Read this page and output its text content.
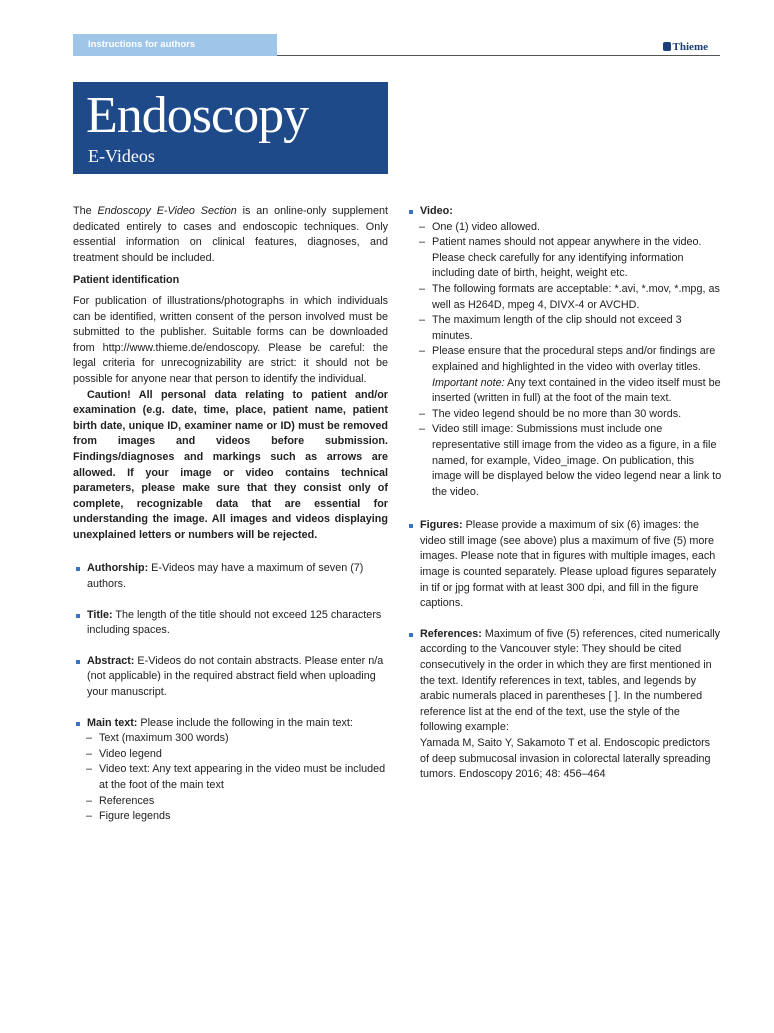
Instructions for authors	Thieme
Endoscopy
E-Videos

The Endoscopy E-Video Section is an online-only supplement dedicated entirely to cases and endoscopic techniques. Only essential information on clinical features, diagnoses, and treatment should be included.

Patient identification

For publication of illustrations/photographs in which individuals can be identified, written consent of the person involved must be submitted to the publisher. Suitable forms can be downloaded from http://www.thieme.de/endoscopy. Please be careful: the legal criteria for unrecognizability are strict: it should not be possible for anyone near that person to identify the individual.

Caution! All personal data relating to patient and/or examination (e.g. date, time, place, patient name, patient birth date, unique ID, examiner name or ID) must be removed from images and videos before submission. Findings/diagnoses and markings such as arrows are allowed. If your image or video contains technical parameters, please make sure that they consist only of complete, recognizable data that are essential for understanding the image. All images and videos displaying unexplained letters or numbers will be rejected.

Authorship: E-Videos may have a maximum of seven (7) authors.
Title: The length of the title should not exceed 125 characters including spaces.
Abstract: E-Videos do not contain abstracts. Please enter n/a (not applicable) in the required abstract field when uploading your manuscript.
Main text: Please include the following in the main text:
– Text (maximum 300 words)
– Video legend
– Video text: Any text appearing in the video must be included at the foot of the main text
– References
– Figure legends
Video:
– One (1) video allowed.
– Patient names should not appear anywhere in the video. Please check carefully for any identifying information including date of birth, height, weight etc.
– The following formats are acceptable: *.avi, *.mov, *.mpg, as well as H264D, mpeg 4, DIVX-4 or AVCHD.
– The maximum length of the clip should not exceed 3 minutes.
– Please ensure that the procedural steps and/or findings are explained and highlighted in the video with overlay titles. Important note: Any text contained in the video itself must be inserted (written in full) at the foot of the main text.
– The video legend should be no more than 30 words.
– Video still image: Submissions must include one representative still image from the video as a figure, in a file named, for example, Video_image. On publication, this image will be displayed below the video legend near a link to the video.
Figures: Please provide a maximum of six (6) images: the video still image (see above) plus a maximum of five (5) more images. Please note that in figures with multiple images, each image is counted separately. Please upload figures separately in tif or jpg format with at least 300 dpi, and fill in the figure captions.
References: Maximum of five (5) references, cited numerically according to the Vancouver style: They should be cited consecutively in the order in which they are first mentioned in the text. Identify references in text, tables, and legends by arabic numerals placed in parentheses [ ]. In the numbered reference list at the end of the text, use the style of the following example:
Yamada M, Saito Y, Sakamoto T et al. Endoscopic predictors of deep submucosal invasion in colorectal laterally spreading tumors. Endoscopy 2016; 48: 456–464
